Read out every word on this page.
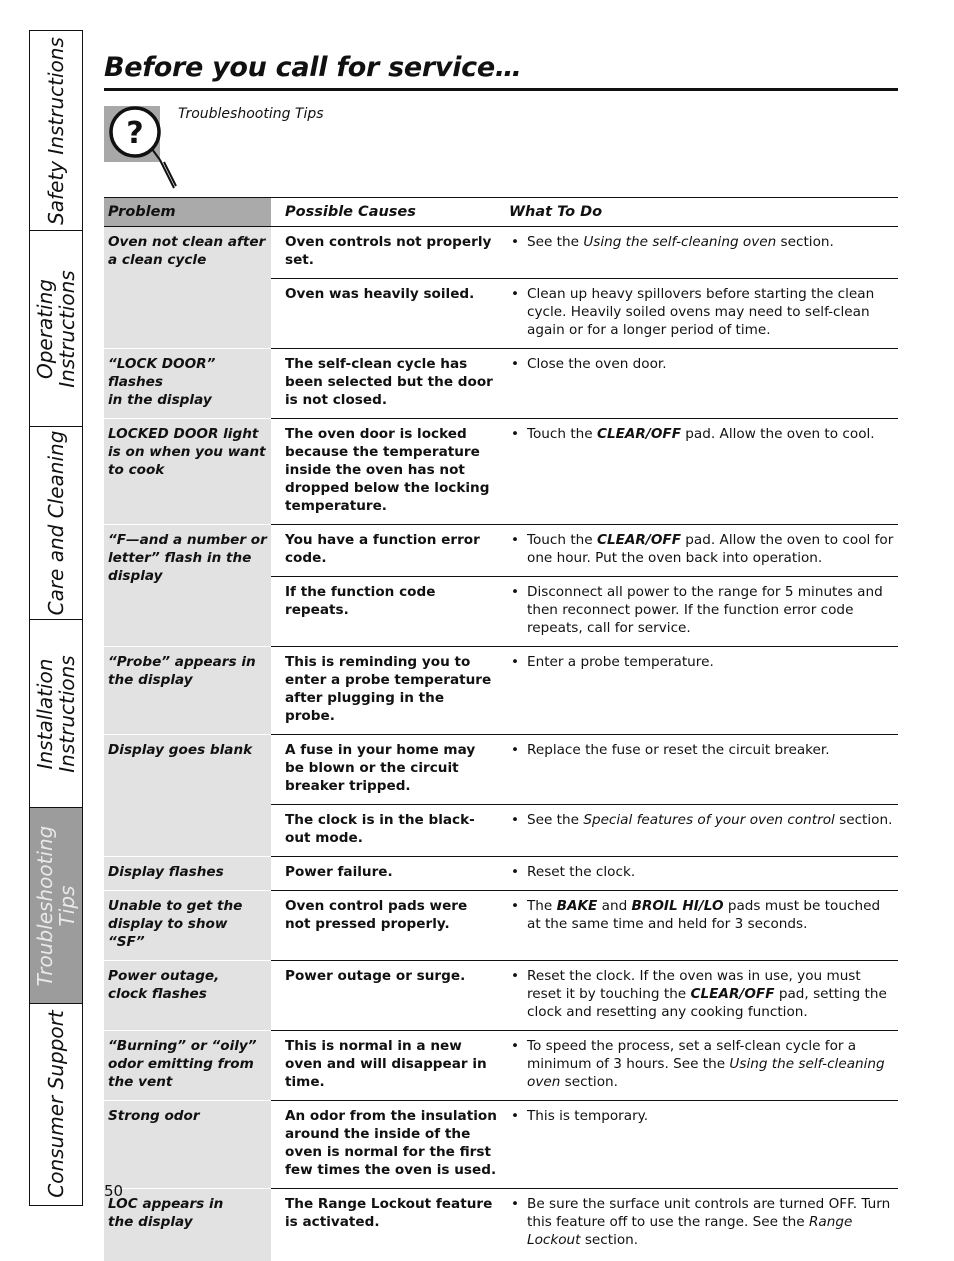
Safety Instructions
Operating
Instructions
Care and Cleaning
Installation
Instructions
Troubleshooting
Tips
Consumer Support
Before you call for service…
?
Troubleshooting Tips
Problem	Possible Causes	What To Do
Oven not clean after
a clean cycle	Oven controls not properly set.	• See the Using the self-cleaning oven section.

	Oven was heavily soiled.	• Clean up heavy spillovers before starting the clean cycle. Heavily soiled ovens may need to self-clean again or for a longer period of time.

“LOCK DOOR” flashes
in the display	The self-clean cycle has been selected but the door is not closed.	• Close the oven door.

LOCKED DOOR light
is on when you want
to cook	The oven door is locked because the temperature inside the oven has not dropped below the locking temperature.	• Touch the CLEAR/OFF pad. Allow the oven to cool.

“F—and a number or
letter” flash in the display	You have a function error code.	• Touch the CLEAR/OFF pad. Allow the oven to cool for one hour. Put the oven back into operation.

	If the function code repeats.	• Disconnect all power to the range for 5 minutes and then reconnect power. If the function error code repeats, call for service.

“Probe” appears in
the display	This is reminding you to enter a probe temperature after plugging in the probe.	• Enter a probe temperature.

Display goes blank	A fuse in your home may be blown or the circuit breaker tripped.	• Replace the fuse or reset the circuit breaker.

	The clock is in the black-out mode.	• See the Special features of your oven control section.

Display flashes	Power failure.	• Reset the clock.

Unable to get the
display to show “SF”	Oven control pads were not pressed properly.	• The BAKE and BROIL HI/LO pads must be touched at the same time and held for 3 seconds.

Power outage,
clock flashes	Power outage or surge.	• Reset the clock. If the oven was in use, you must reset it by touching the CLEAR/OFF pad, setting the clock and resetting any cooking function.

“Burning” or “oily”
odor emitting from
the vent	This is normal in a new oven and will disappear in time.	• To speed the process, set a self-clean cycle for a minimum of 3 hours. See the Using the self-cleaning oven section.

Strong odor	An odor from the insulation around the inside of the oven is normal for the first few times the oven is used.	• This is temporary.

LOC appears in
the display	The Range Lockout feature is activated.	• Be sure the surface unit controls are turned OFF. Turn this feature off to use the range. See the Range Lockout section.
50
